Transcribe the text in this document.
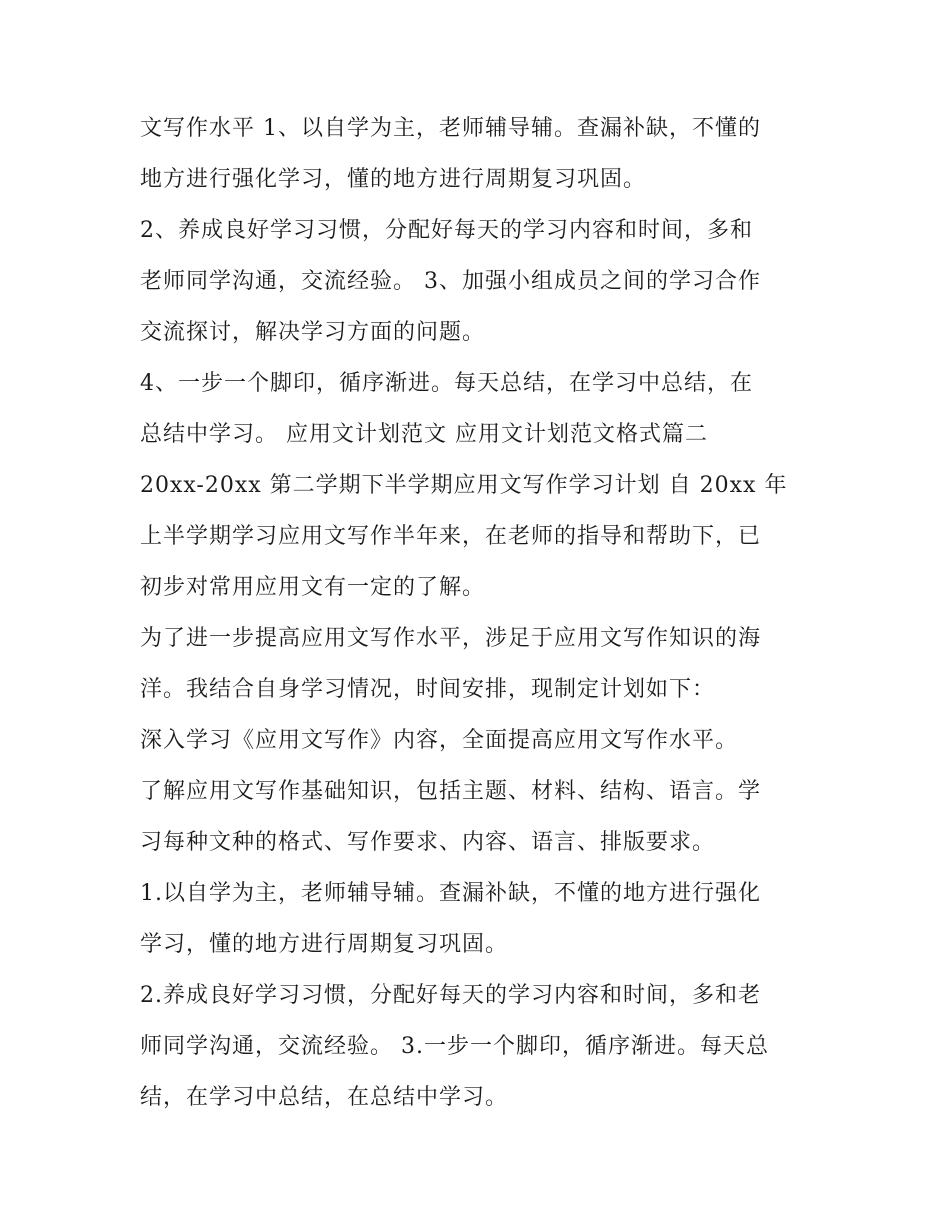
文写作水平 1、以自学为主，老师辅导辅。查漏补缺，不懂的
地方进行强化学习，懂的地方进行周期复习巩固。
2、养成良好学习习惯，分配好每天的学习内容和时间，多和
老师同学沟通，交流经验。 3、加强小组成员之间的学习合作
交流探讨，解决学习方面的问题。
4、一步一个脚印，循序渐进。每天总结，在学习中总结，在
总结中学习。 应用文计划范文 应用文计划范文格式篇二
20xx-20xx 第二学期下半学期应用文写作学习计划 自 20xx 年
上半学期学习应用文写作半年来，在老师的指导和帮助下，已
初步对常用应用文有一定的了解。
为了进一步提高应用文写作水平，涉足于应用文写作知识的海
洋。我结合自身学习情况，时间安排，现制定计划如下：
深入学习《应用文写作》内容，全面提高应用文写作水平。
了解应用文写作基础知识，包括主题、材料、结构、语言。学
习每种文种的格式、写作要求、内容、语言、排版要求。
1.以自学为主，老师辅导辅。查漏补缺，不懂的地方进行强化
学习，懂的地方进行周期复习巩固。
2.养成良好学习习惯，分配好每天的学习内容和时间，多和老
师同学沟通，交流经验。 3.一步一个脚印，循序渐进。每天总
结，在学习中总结，在总结中学习。
